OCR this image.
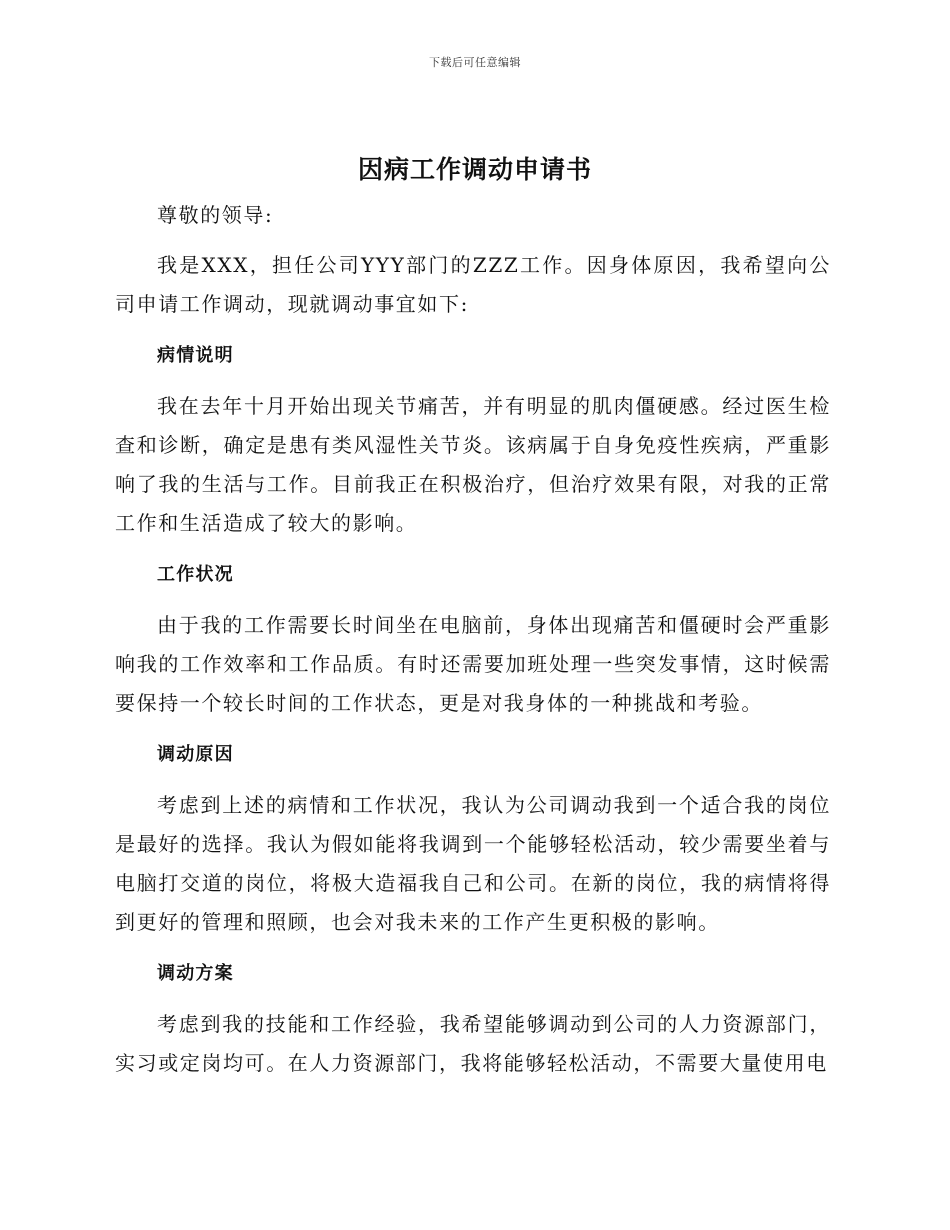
下载后可任意编辑
因病工作调动申请书

尊敬的领导:

我是XXX，担任公司YYY部门的ZZZ工作。因身体原因，我希望向公司申请工作调动，现就调动事宜如下:

病情说明

我在去年十月开始出现关节痛苦，并有明显的肌肉僵硬感。经过医生检查和诊断，确定是患有类风湿性关节炎。该病属于自身免疫性疾病，严重影响了我的生活与工作。目前我正在积极治疗，但治疗效果有限，对我的正常工作和生活造成了较大的影响。

工作状况

由于我的工作需要长时间坐在电脑前，身体出现痛苦和僵硬时会严重影响我的工作效率和工作品质。有时还需要加班处理一些突发事情，这时候需要保持一个较长时间的工作状态，更是对我身体的一种挑战和考验。

调动原因

考虑到上述的病情和工作状况，我认为公司调动我到一个适合我的岗位是最好的选择。我认为假如能将我调到一个能够轻松活动，较少需要坐着与电脑打交道的岗位，将极大造福我自己和公司。在新的岗位，我的病情将得到更好的管理和照顾，也会对我未来的工作产生更积极的影响。

调动方案

考虑到我的技能和工作经验，我希望能够调动到公司的人力资源部门，实习或定岗均可。在人力资源部门，我将能够轻松活动，不需要大量使用电
